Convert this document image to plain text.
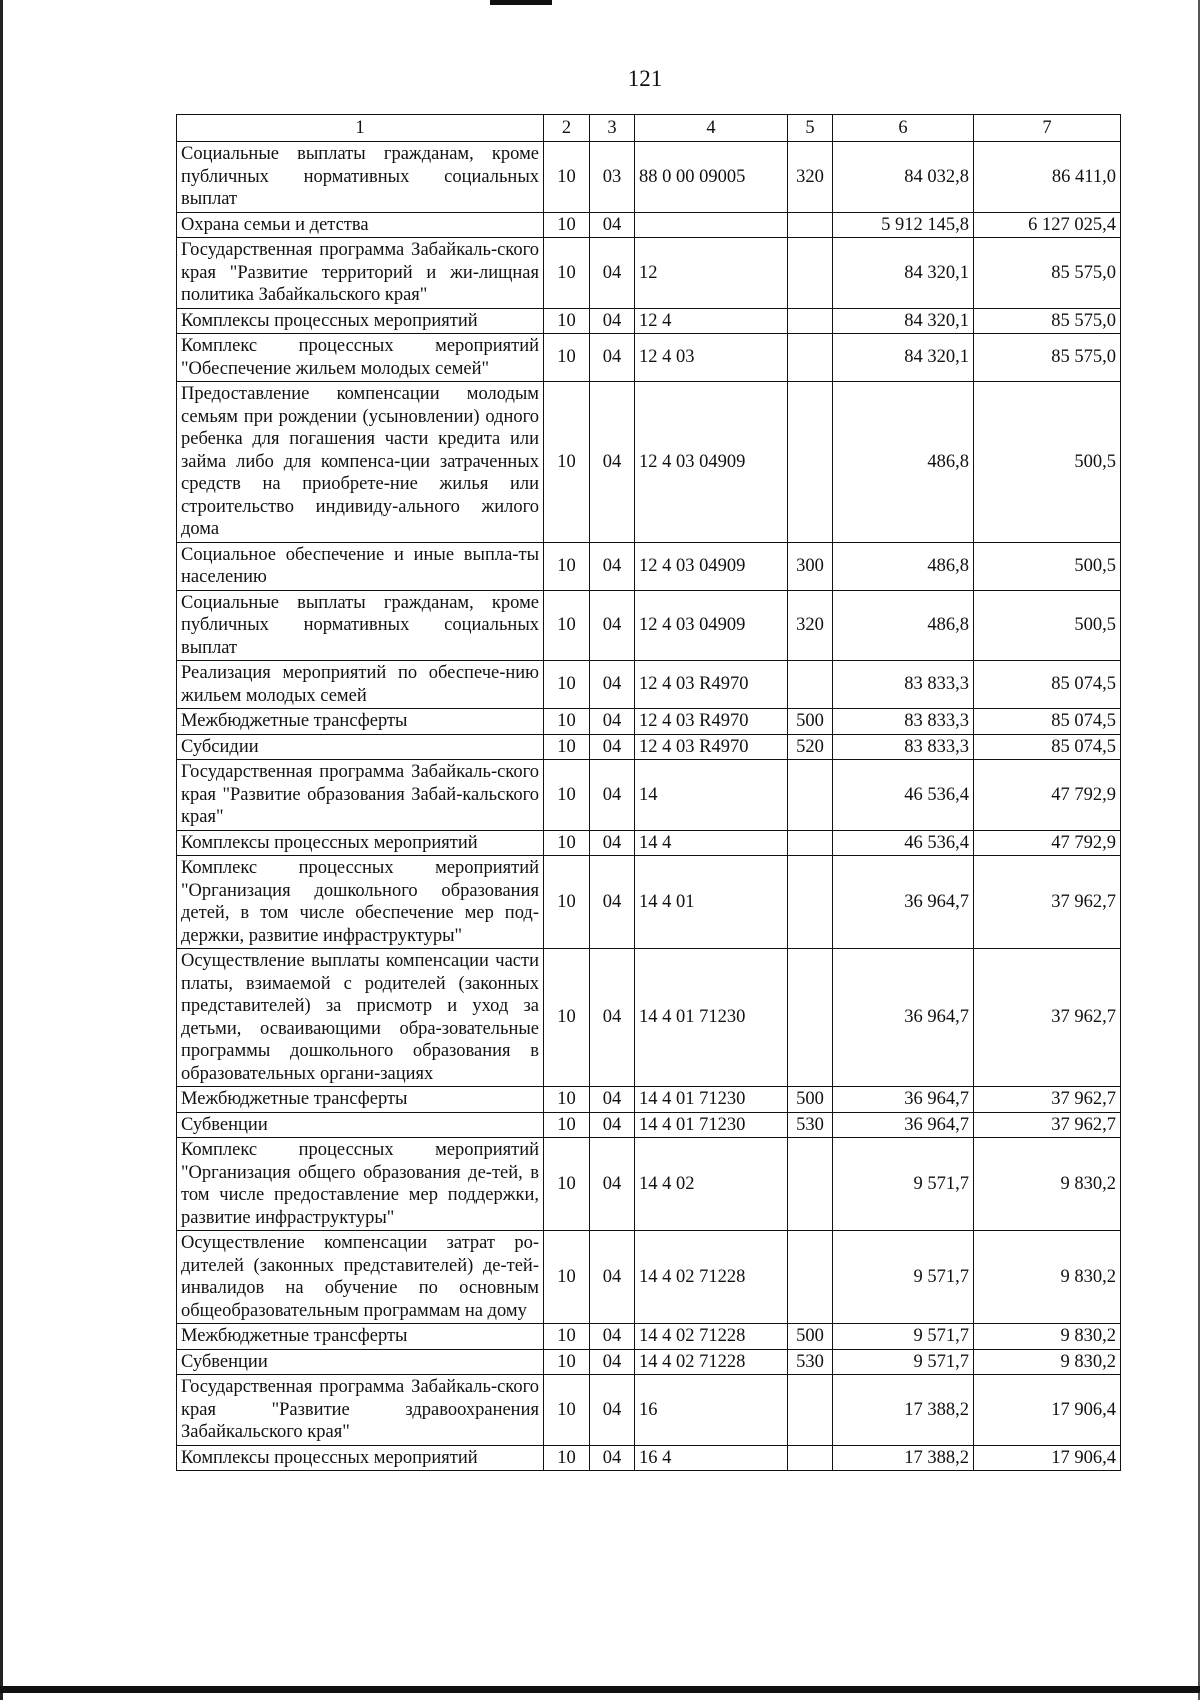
121
1	2	3	4	5	6	7
Социальные выплаты гражданам, кроме публичных нормативных социальных выплат	10	03	88 0 00 09005	320	84 032,8	86 411,0
Охрана семьи и детства	10	04			5 912 145,8	6 127 025,4
Государственная программа Забайкаль-ского края "Развитие территорий и жи-лищная политика Забайкальского края"	10	04	12		84 320,1	85 575,0
Комплексы процессных мероприятий	10	04	12 4		84 320,1	85 575,0
Комплекс процессных мероприятий "Обеспечение жильем молодых семей"	10	04	12 4 03		84 320,1	85 575,0
Предоставление компенсации молодым семьям при рождении (усыновлении) одного ребенка для погашения части кредита или займа либо для компенса-ции затраченных средств на приобрете-ние жилья или строительство индивиду-ального жилого дома	10	04	12 4 03 04909		486,8	500,5
Социальное обеспечение и иные выпла-ты населению	10	04	12 4 03 04909	300	486,8	500,5
Социальные выплаты гражданам, кроме публичных нормативных социальных выплат	10	04	12 4 03 04909	320	486,8	500,5
Реализация мероприятий по обеспече-нию жильем молодых семей	10	04	12 4 03 R4970		83 833,3	85 074,5
Межбюджетные трансферты	10	04	12 4 03 R4970	500	83 833,3	85 074,5
Субсидии	10	04	12 4 03 R4970	520	83 833,3	85 074,5
Государственная программа Забайкаль-ского края "Развитие образования Забай-кальского края"	10	04	14		46 536,4	47 792,9
Комплексы процессных мероприятий	10	04	14 4		46 536,4	47 792,9
Комплекс процессных мероприятий "Организация дошкольного образования детей, в том числе обеспечение мер под-держки, развитие инфраструктуры"	10	04	14 4 01		36 964,7	37 962,7
Осуществление выплаты компенсации части платы, взимаемой с родителей (законных представителей) за присмотр и уход за детьми, осваивающими обра-зовательные программы дошкольного образования в образовательных органи-зациях	10	04	14 4 01 71230		36 964,7	37 962,7
Межбюджетные трансферты	10	04	14 4 01 71230	500	36 964,7	37 962,7
Субвенции	10	04	14 4 01 71230	530	36 964,7	37 962,7
Комплекс процессных мероприятий "Организация общего образования де-тей, в том числе предоставление мер поддержки, развитие инфраструктуры"	10	04	14 4 02		9 571,7	9 830,2
Осуществление компенсации затрат ро-дителей (законных представителей) де-тей-инвалидов на обучение по основным общеобразовательным программам на дому	10	04	14 4 02 71228		9 571,7	9 830,2
Межбюджетные трансферты	10	04	14 4 02 71228	500	9 571,7	9 830,2
Субвенции	10	04	14 4 02 71228	530	9 571,7	9 830,2
Государственная программа Забайкаль-ского края "Развитие здравоохранения Забайкальского края"	10	04	16		17 388,2	17 906,4
Комплексы процессных мероприятий	10	04	16 4		17 388,2	17 906,4
